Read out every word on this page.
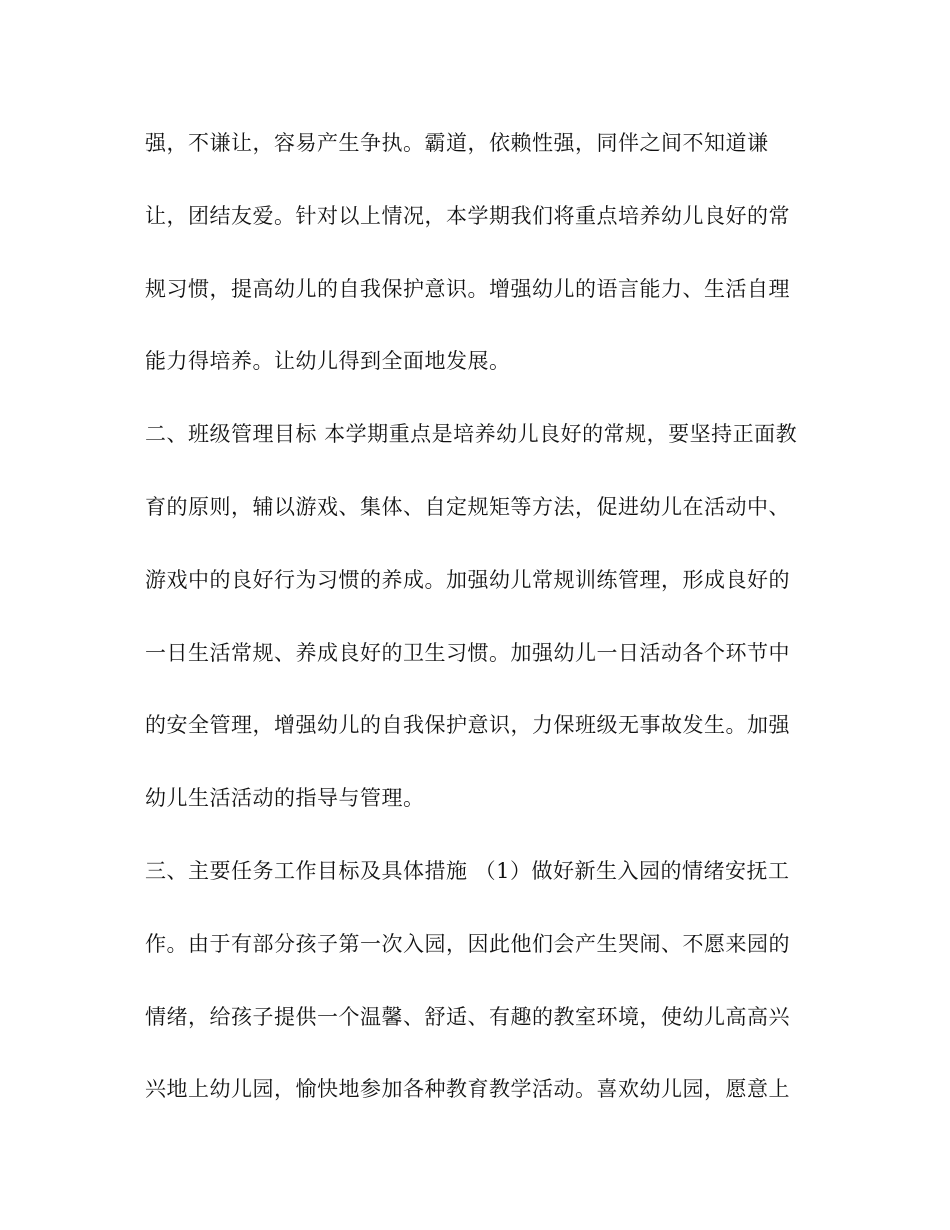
强，不谦让，容易产生争执。霸道，依赖性强，同伴之间不知道谦
让，团结友爱。针对以上情况，本学期我们将重点培养幼儿良好的常
规习惯，提高幼儿的自我保护意识。增强幼儿的语言能力、生活自理
能力得培养。让幼儿得到全面地发展。
二、班级管理目标 本学期重点是培养幼儿良好的常规，要坚持正面教
育的原则，辅以游戏、集体、自定规矩等方法，促进幼儿在活动中、
游戏中的良好行为习惯的养成。加强幼儿常规训练管理，形成良好的
一日生活常规、养成良好的卫生习惯。加强幼儿一日活动各个环节中
的安全管理，增强幼儿的自我保护意识，力保班级无事故发生。加强
幼儿生活活动的指导与管理。
三、主要任务工作目标及具体措施 （1）做好新生入园的情绪安抚工
作。由于有部分孩子第一次入园，因此他们会产生哭闹、不愿来园的
情绪，给孩子提供一个温馨、舒适、有趣的教室环境，使幼儿高高兴
兴地上幼儿园，愉快地参加各种教育教学活动。喜欢幼儿园，愿意上
